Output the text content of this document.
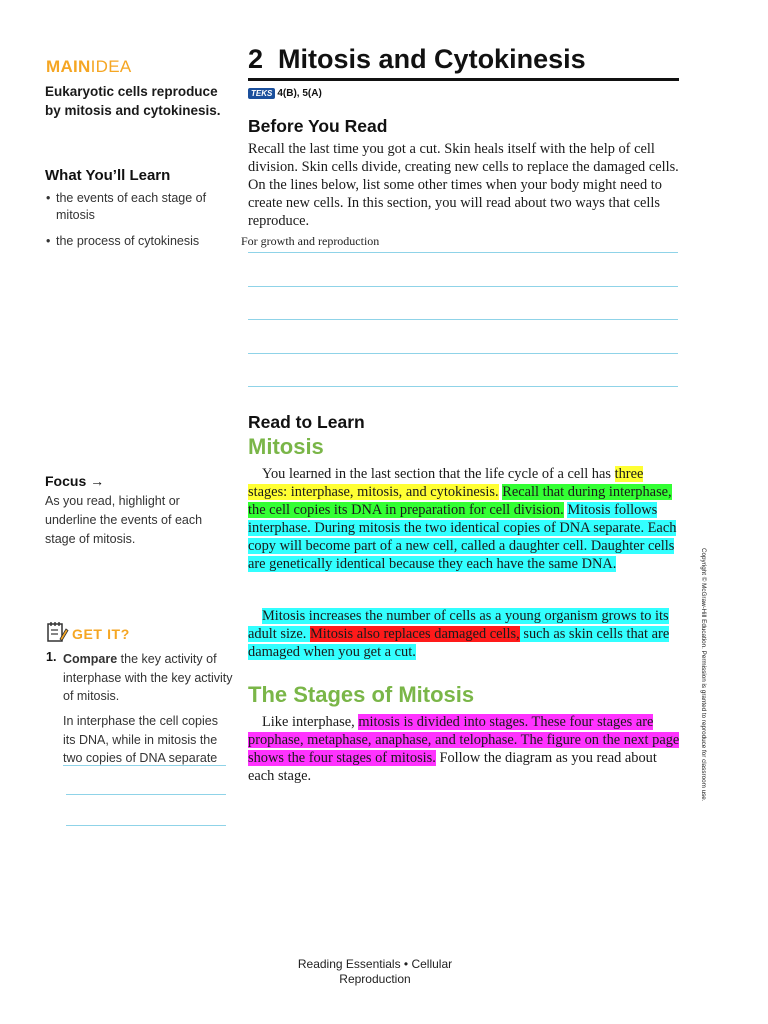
MAINIDEA
Eukaryotic cells reproduce by mitosis and cytokinesis.
What You’ll Learn
• the events of each stage of mitosis
• the process of cytokinesis
Focus →
As you read, highlight or underline the events of each stage of mitosis.
GET IT?
1. Compare the key activity of interphase with the key activity of mitosis.
In interphase the cell copies its DNA, while in mitosis the two copies of DNA separate
2 Mitosis and Cytokinesis
TEKS 4(B), 5(A)
Before You Read
Recall the last time you got a cut. Skin heals itself with the help of cell division. Skin cells divide, creating new cells to replace the damaged cells. On the lines below, list some other times when your body might need to create new cells. In this section, you will read about two ways that cells reproduce.
For growth and reproduction
Read to Learn
Mitosis
You learned in the last section that the life cycle of a cell has three stages: interphase, mitosis, and cytokinesis. Recall that during interphase, the cell copies its DNA in preparation for cell division. Mitosis follows interphase. During mitosis the two identical copies of DNA separate. Each copy will become part of a new cell, called a daughter cell. Daughter cells are genetically identical because they each have the same DNA.
Mitosis increases the number of cells as a young organism grows to its adult size. Mitosis also replaces damaged cells, such as skin cells that are damaged when you get a cut.
The Stages of Mitosis
Like interphase, mitosis is divided into stages. These four stages are prophase, metaphase, anaphase, and telophase. The figure on the next page shows the four stages of mitosis. Follow the diagram as you read about each stage.	Copyright © McGraw-Hill Education. Permission is granted to reproduce for classroom use.
Reading Essentials • Cellular
Reproduction
